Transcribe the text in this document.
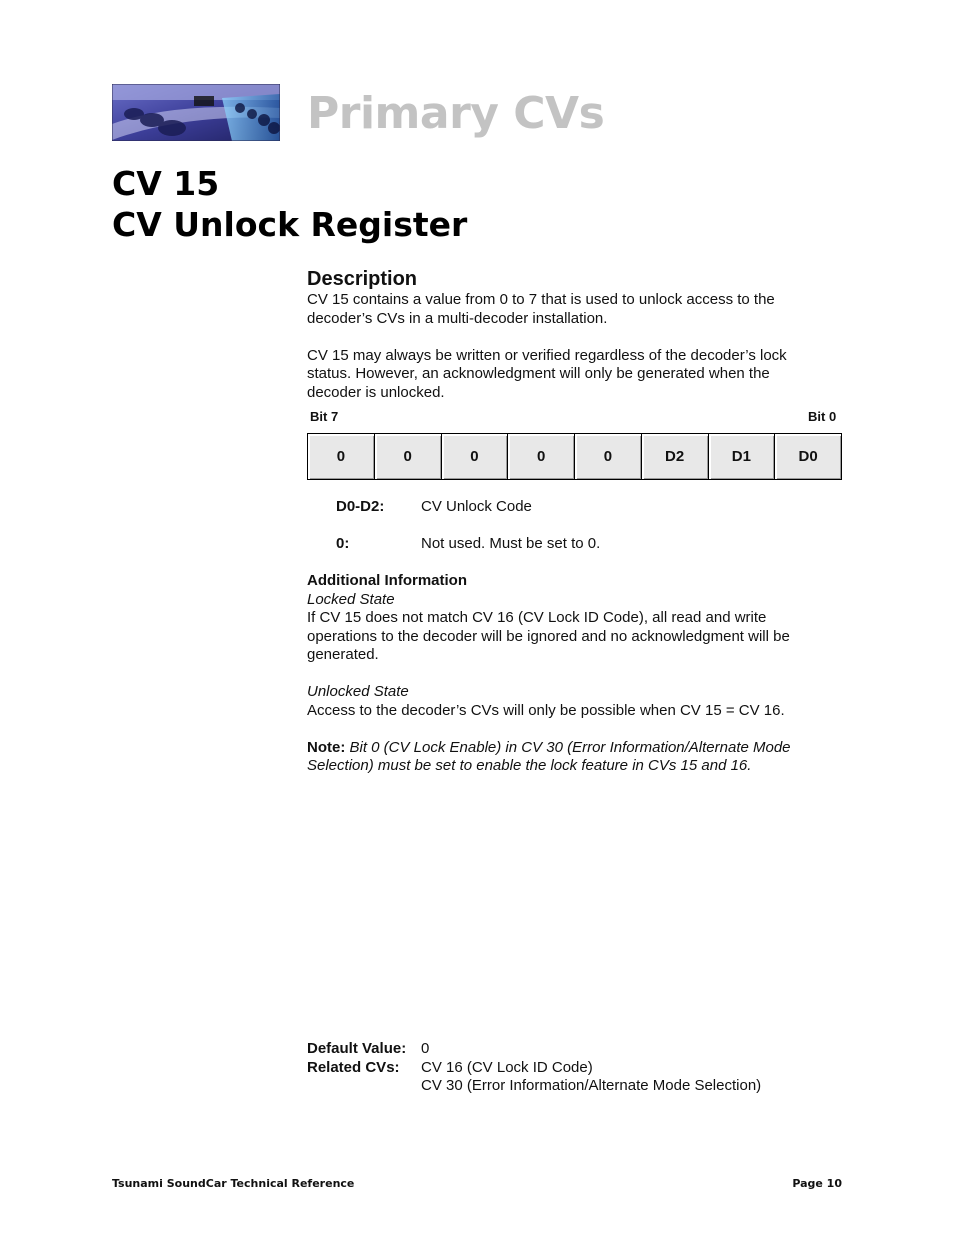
Primary CVs
CV 15
CV Unlock Register
Description

CV 15 contains a value from 0 to 7 that is used to unlock access to the
decoder’s CVs in a multi-decoder installation.

CV 15 may always be written or verified regardless of the decoder’s lock
status. However, an acknowledgment will only be generated when the
decoder is unlocked.

Bit 7	Bit 0
0	0	0	0	0	D2	D1	D0
D0-D2: CV Unlock Code
0:	Not used. Must be set to 0.
Additional Information
Locked State

If CV 15 does not match CV 16 (CV Lock ID Code), all read and write
operations to the decoder will be ignored and no acknowledgment will be
generated.

Unlocked State

Access to the decoder’s CVs will only be possible when CV 15 = CV 16.

Note: Bit 0 (CV Lock Enable) in CV 30 (Error Information/Alternate Mode
Selection) must be set to enable the lock feature in CVs 15 and 16.

Default Value: 0
Related CVs:	CV 16 (CV Lock ID Code)
CV 30 (Error Information/Alternate Mode Selection)
Tsunami SoundCar Technical Reference	Page 10
